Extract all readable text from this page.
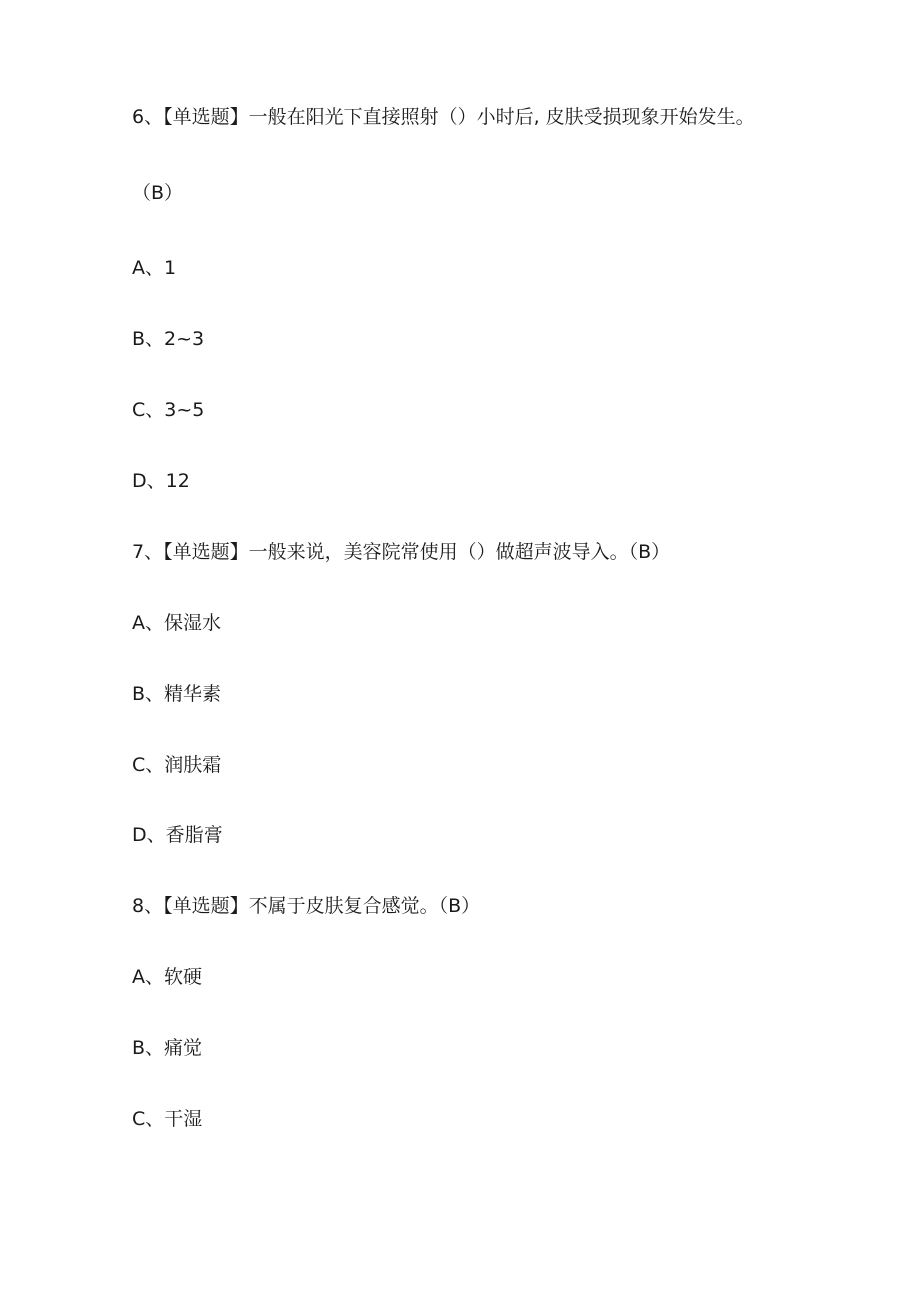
6、【单选题】一般在阳光下直接照射（）小时后, 皮肤受损现象开始发生。
（B）
A、1
B、2~3
C、3~5
D、12
7、【单选题】一般来说，美容院常使用（）做超声波导入。（B）
A、保湿水
B、精华素
C、润肤霜
D、香脂膏
8、【单选题】不属于皮肤复合感觉。（B）
A、软硬
B、痛觉
C、干湿
